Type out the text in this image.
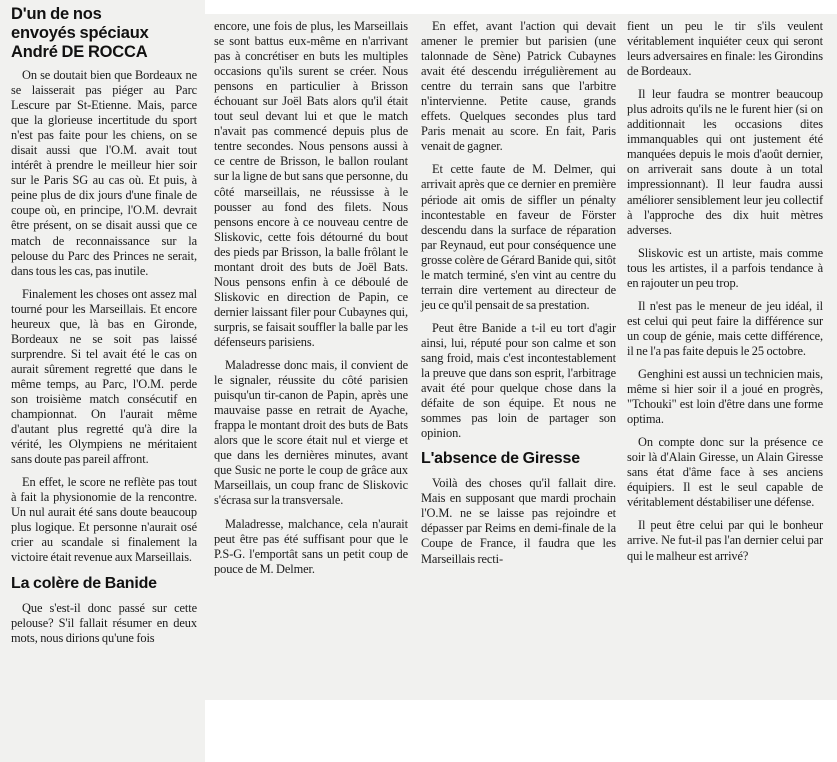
D'un de nos
envoyés spéciaux
André DE ROCCA

On se doutait bien que Bordeaux ne se laisserait pas piéger au Parc Lescure par St-Etienne. Mais, parce que la glorieuse incertitude du sport n'est pas faite pour les chiens, on se disait aussi que l'O.M. avait tout intérêt à prendre le meilleur hier soir sur le Paris SG au cas où. Et puis, à peine plus de dix jours d'une finale de coupe où, en principe, l'O.M. devrait être présent, on se disait aussi que ce match de reconnaissance sur la pelouse du Parc des Princes ne serait, dans tous les cas, pas inutile.

Finalement les choses ont assez mal tourné pour les Marseillais. Et encore heureux que, là bas en Gironde, Bordeaux ne se soit pas laissé surprendre. Si tel avait été le cas on aurait sûrement regretté que dans le même temps, au Parc, l'O.M. perde son troisième match consécutif en championnat. On l'aurait même d'autant plus regretté qu'à dire la vérité, les Olympiens ne méritaient sans doute pas pareil affront.

En effet, le score ne reflète pas tout à fait la physionomie de la rencontre. Un nul aurait été sans doute beaucoup plus logique. Et personne n'aurait osé crier au scandale si finalement la victoire était revenue aux Marseillais.

La colère de Banide

Que s'est-il donc passé sur cette pelouse? S'il fallait résumer en deux mots, nous dirions qu'une fois

encore, une fois de plus, les Marseillais se sont battus eux-même en n'arrivant pas à concrétiser en buts les multiples occasions qu'ils surent se créer. Nous pensons en particulier à Brisson échouant sur Joël Bats alors qu'il était tout seul devant lui et que le match n'avait pas commencé depuis plus de tentre secondes. Nous pensons aussi à ce centre de Brisson, le ballon roulant sur la ligne de but sans que personne, du côté marseillais, ne réussisse à le pousser au fond des filets. Nous pensons encore à ce nouveau centre de Sliskovic, cette fois détourné du bout des pieds par Brisson, la balle frôlant le montant droit des buts de Joël Bats. Nous pensons enfin à ce déboulé de Sliskovic en direction de Papin, ce dernier laissant filer pour Cubaynes qui, surpris, se faisait souffler la balle par les défenseurs parisiens.

Maladresse donc mais, il convient de le signaler, réussite du côté parisien puisqu'un tir-canon de Papin, après une mauvaise passe en retrait de Ayache, frappa le montant droit des buts de Bats alors que le score était nul et vierge et que dans les dernières minutes, avant que Susic ne porte le coup de grâce aux Marseillais, un coup franc de Sliskovic s'écrasa sur la transversale.

Maladresse, malchance, cela n'aurait peut être pas été suffisant pour que le P.S-G. l'emportât sans un petit coup de pouce de M. Delmer.

En effet, avant l'action qui devait amener le premier but parisien (une talonnade de Sène) Patrick Cubaynes avait été descendu irrégulièrement au centre du terrain sans que l'arbitre n'intervienne. Petite cause, grands effets. Quelques secondes plus tard Paris menait au score. En fait, Paris venait de gagner.

Et cette faute de M. Delmer, qui arrivait après que ce dernier en première période ait omis de siffler un pénalty incontestable en faveur de Förster descendu dans la surface de réparation par Reynaud, eut pour conséquence une grosse colère de Gérard Banide qui, sitôt le match terminé, s'en vint au centre du terrain dire vertement au directeur de jeu ce qu'il pensait de sa prestation.

Peut être Banide a t-il eu tort d'agir ainsi, lui, réputé pour son calme et son sang froid, mais c'est incontestablement la preuve que dans son esprit, l'arbitrage avait été pour quelque chose dans la défaite de son équipe. Et nous ne sommes pas loin de partager son opinion.

L'absence de Giresse

Voilà des choses qu'il fallait dire. Mais en supposant que mardi prochain l'O.M. ne se laisse pas rejoindre et dépasser par Reims en demi-finale de la Coupe de France, il faudra que les Marseillais recti-

fient un peu le tir s'ils veulent véritablement inquiéter ceux qui seront leurs adversaires en finale: les Girondins de Bordeaux.

Il leur faudra se montrer beaucoup plus adroits qu'ils ne le furent hier (si on additionnait les occasions dites immanquables qui ont justement été manquées depuis le mois d'août dernier, on arriverait sans doute à un total impressionnant). Il leur faudra aussi améliorer sensiblement leur jeu collectif à l'approche des dix huit mètres adverses.

Sliskovic est un artiste, mais comme tous les artistes, il a parfois tendance à en rajouter un peu trop.

Il n'est pas le meneur de jeu idéal, il est celui qui peut faire la différence sur un coup de génie, mais cette différence, il ne l'a pas faite depuis le 25 octobre.

Genghini est aussi un technicien mais, même si hier soir il a joué en progrès, "Tchouki" est loin d'être dans une forme optima.

On compte donc sur la présence ce soir là d'Alain Giresse, un Alain Giresse sans état d'âme face à ses anciens équipiers. Il est le seul capable de véritablement déstabiliser une défense.

Il peut être celui par qui le bonheur arrive. Ne fut-il pas l'an dernier celui par qui le malheur est arrivé?
